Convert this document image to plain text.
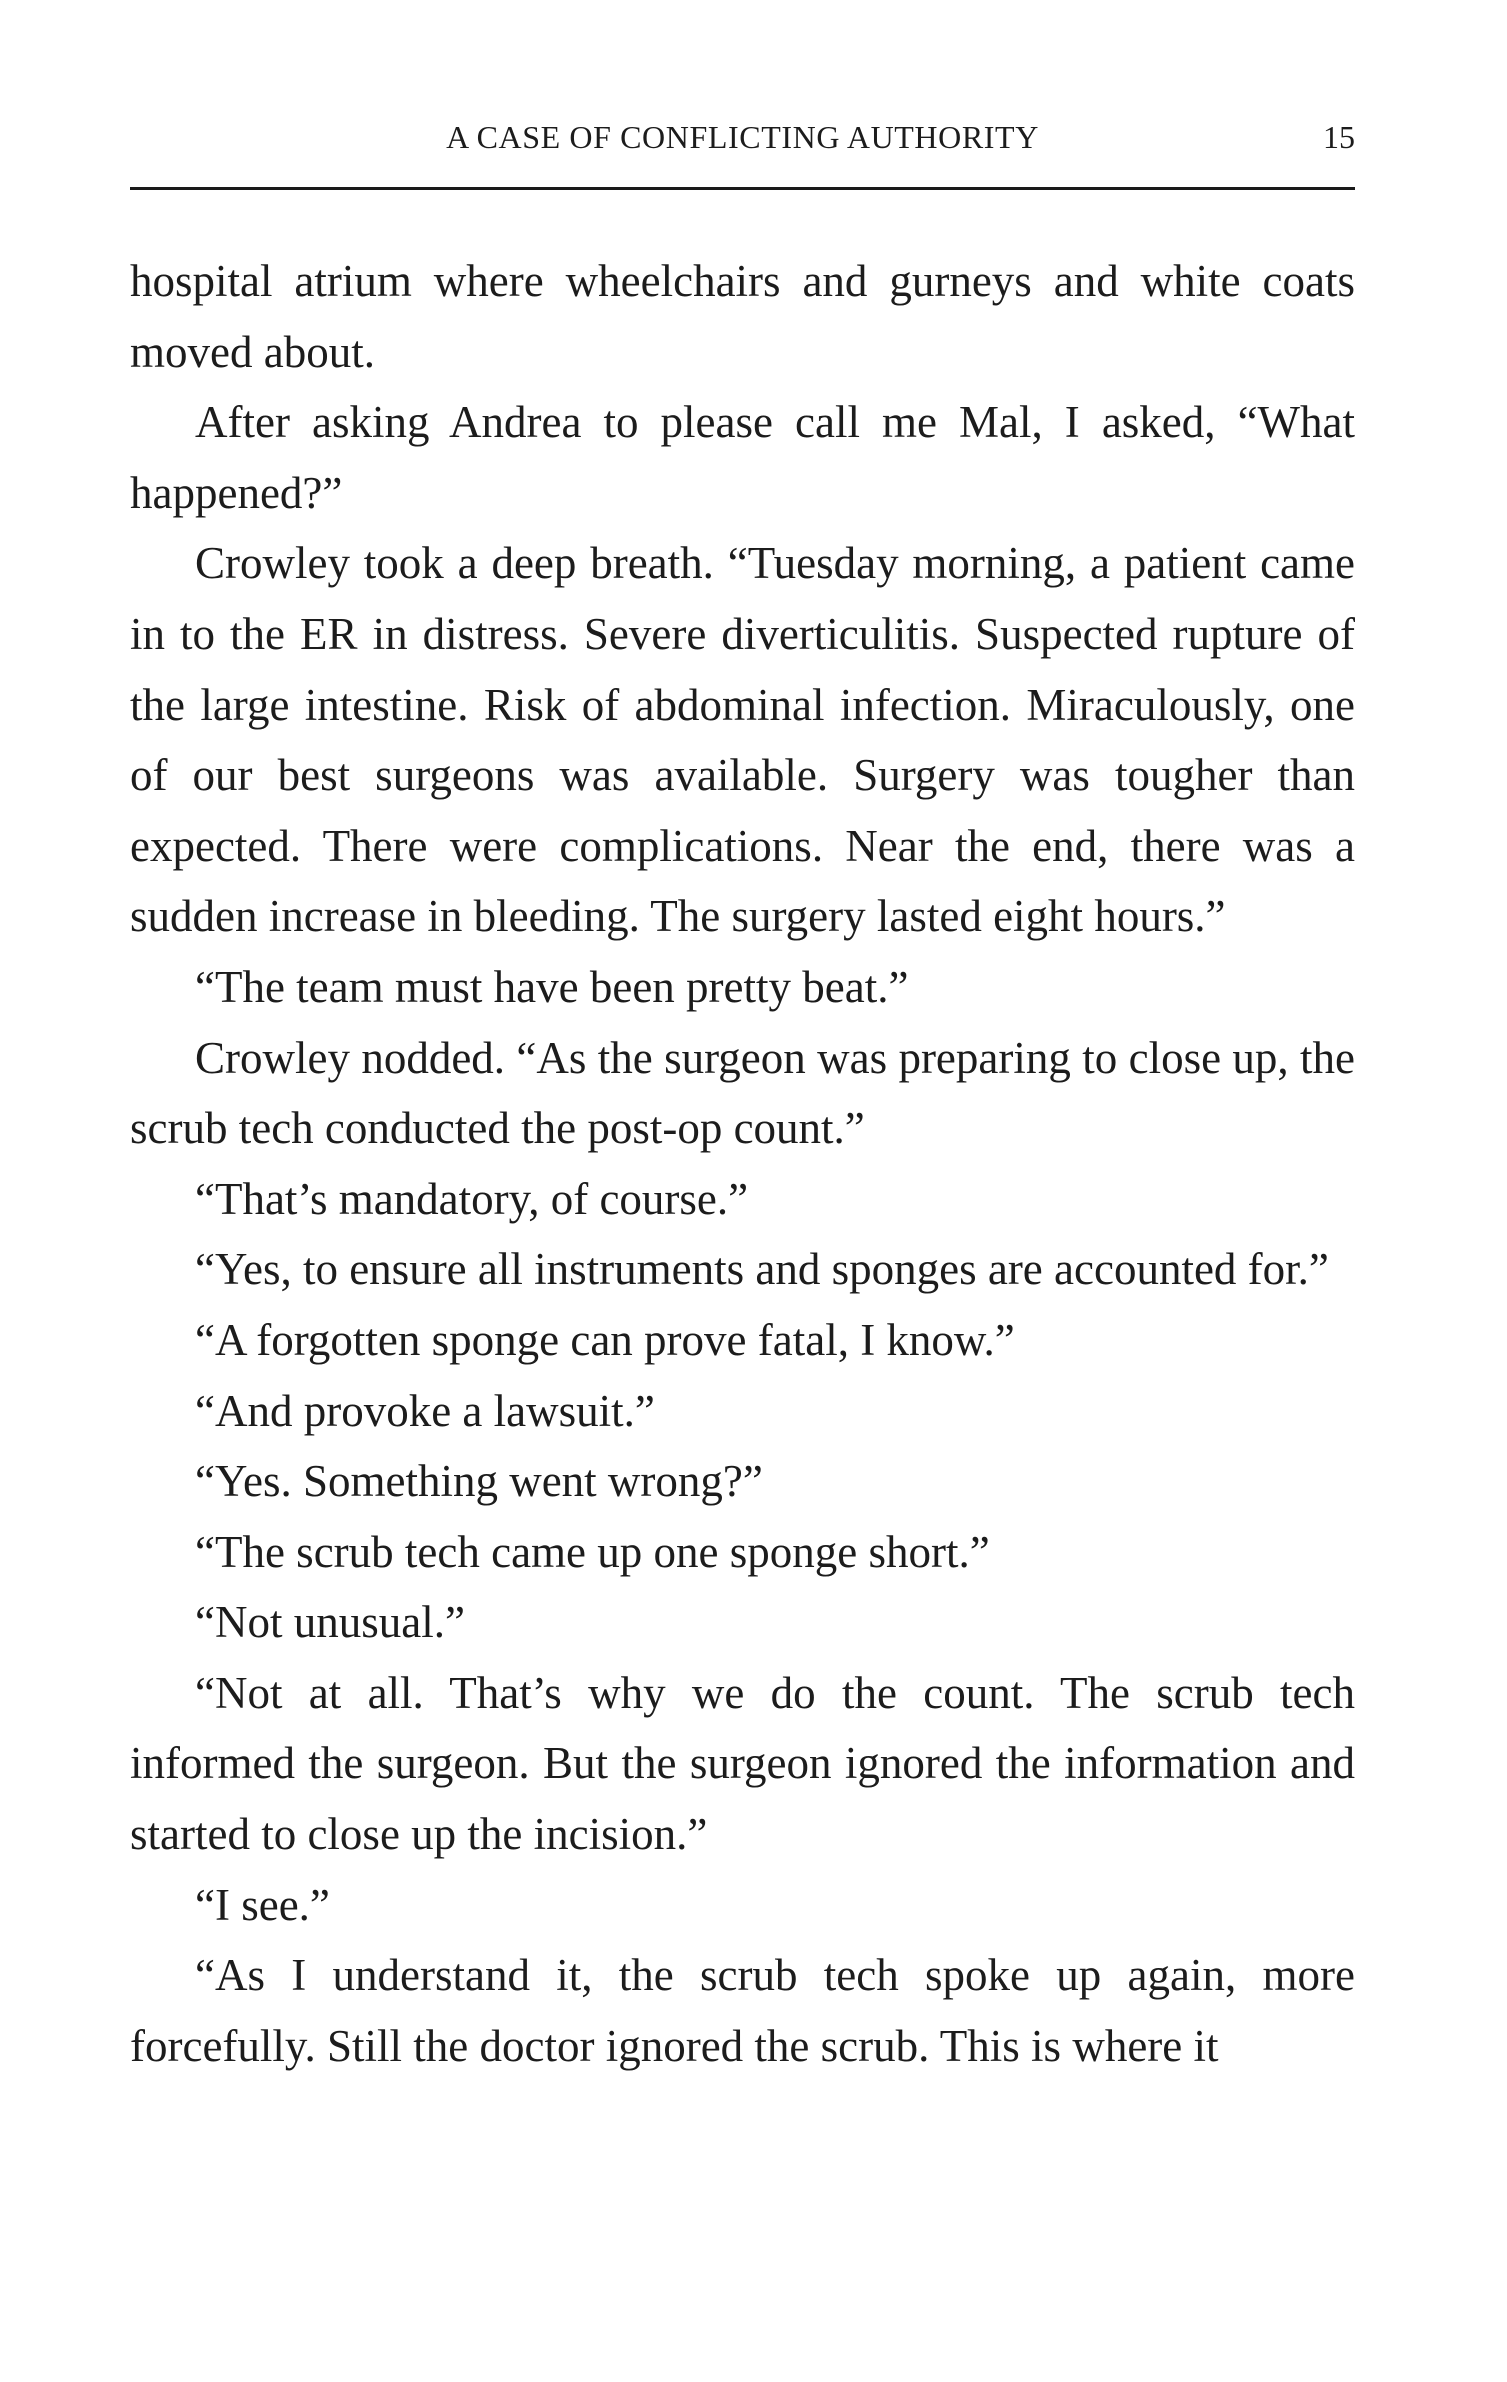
A CASE OF CONFLICTING AUTHORITY	15

hospital atrium where wheelchairs and gurneys and white coats moved about.

After asking Andrea to please call me Mal, I asked, “What happened?”

Crowley took a deep breath. “Tuesday morning, a patient came in to the ER in distress. Severe diverticulitis. Suspected rupture of the large intestine. Risk of abdominal infection. Miraculously, one of our best surgeons was available. Surgery was tougher than expected. There were complications. Near the end, there was a sudden increase in bleeding. The surgery lasted eight hours.”

“The team must have been pretty beat.”

Crowley nodded. “As the surgeon was preparing to close up, the scrub tech conducted the post-op count.”

“That’s mandatory, of course.”

“Yes, to ensure all instruments and sponges are accounted for.”

“A forgotten sponge can prove fatal, I know.”

“And provoke a lawsuit.”

“Yes. Something went wrong?”

“The scrub tech came up one sponge short.”

“Not unusual.”

“Not at all. That’s why we do the count. The scrub tech informed the surgeon. But the surgeon ignored the information and started to close up the incision.”

“I see.”

“As I understand it, the scrub tech spoke up again, more forcefully. Still the doctor ignored the scrub. This is where it
